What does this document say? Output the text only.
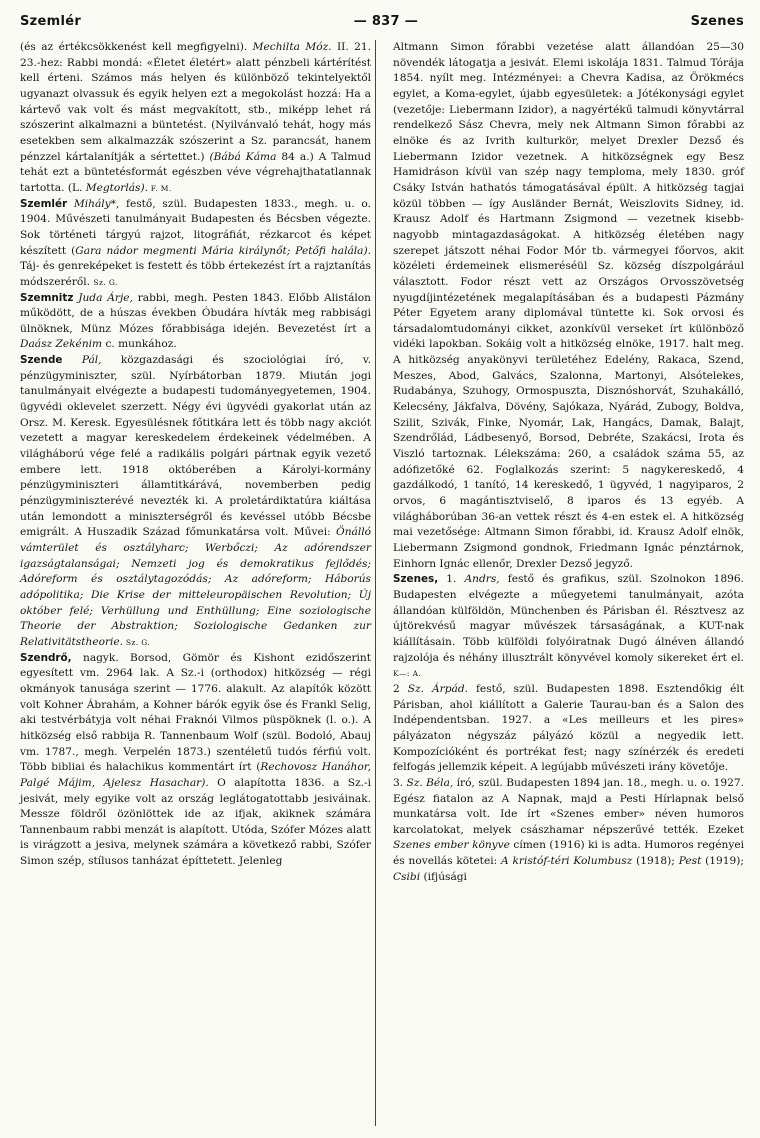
Szemlér	— 837 —	Szenes

(és az értékcsökkenést kell megfigyelni). Mechilta Móz. II. 21. 23.-hez: Rabbi mondá: «Életet életért» alatt pénzbeli kártérítést kell érteni. Számos más helyen és különböző tekintelyektől ugyanazt olvassuk és egyik helyen ezt a megokolást hozzá: Ha a kártevő vak volt és mást megvakított, stb., miképp lehet rá szószerint alkalmazni a büntetést. (Nyilvánvaló tehát, hogy más esetekben sem alkalmazzák szószerint a Sz. parancsát, hanem pénzzel kártalanítják a sértettet.) (Bábá Káma 84 a.) A Talmud tehát ezt a büntetésformát egészben véve végrehajthatatlannak tartotta. (L. Megtorlás). F. M.

Szemlér Mihály*, festő, szül. Budapesten 1833., megh. u. o. 1904. Művészeti tanulmányait Budapesten és Bécsben végezte. Sok történeti tárgyú rajzot, litográfiát, rézkarcot és képet készített (Gara nádor megmenti Mária királynőt; Petőfi halála). Táj- és genreképeket is festett és több értekezést írt a rajztanítás módszeréről. Sz. G.

Szemnitz Juda Árje, rabbi, megh. Pesten 1843. Előbb Alistálon működött, de a húszas években Óbudára hívták meg rabbisági ülnöknek, Münz Mózes főrabbisága idején. Bevezetést írt a Daász Zekénim c. munkához.

Szende Pál, közgazdasági és szociológiai író, v. pénzügyminiszter, szül. Nyírbátorban 1879. Miután jogi tanulmányait elvégezte a budapesti tudományegyetemen, 1904. ügyvédi oklevelet szerzett. Négy évi ügyvédi gyakorlat után az Orsz. M. Keresk. Egyesülésnek főtitkára lett és több nagy akciót vezetett a magyar kereskedelem érdekeinek védelmében. A világháború vége felé a radikális polgári pártnak egyik vezető embere lett. 1918 októberében a Károlyi-kormány pénzügyminiszteri államtitkárává, novemberben pedig pénzügyminiszterévé nevezték ki. A proletárdiktatúra kiáltása után lemondott a miniszterségről és kevéssel utóbb Bécsbe emigrált. A Huszadik Század főmunkatársa volt. Művei: Önálló vámterület és osztályharc; Werbőczi; Az adórendszer igazságtalanságai; Nemzeti jog és demokratikus fejlődés; Adóreform és osztálytagozódás; Az adóreform; Háborús adópolitika; Die Krise der mitteleuropäischen Revolution; Új október felé; Verhüllung und Enthüllung; Eine soziologische Theorie der Abstraktion; Soziologische Gedanken zur Relativitätstheorie. Sz. G.

Szendrő, nagyk. Borsod, Gömör és Kishont ezidőszerint egyesített vm. 2964 lak. A Sz.-i (orthodox) hitközség — régi okmányok tanusága szerint — 1776. alakult. Az alapítók között volt Kohner Ábrahám, a Kohner bárók egyik őse és Frankl Selig, aki testvérbátyja volt néhai Fraknói Vilmos püspöknek (l. o.). A hitközség első rabbija R. Tannenbaum Wolf (szül. Bodoló, Abauj vm. 1787., megh. Verpelén 1873.) szentéletű tudós férfiú volt. Több bibliai és halachikus kommentárt írt (Rechovosz Hanáhor, Palgé Májim, Ajelesz Hasachar). O alapította 1836. a Sz.-i jesivát, mely egyike volt az ország leglátogatottabb jesiváinak. Messze földről özönlöttek ide az ifjak, akiknek számára Tannenbaum rabbi menzát is alapított. Utóda, Szófer Mózes alatt is virágzott a jesiva, melynek számára a következő rabbi, Szófer Simon szép, stílusos tanházat építtetett. Jelenleg

Altmann Simon főrabbi vezetése alatt állandóan 25—30 növendék látogatja a jesivát. Elemi iskolája 1831. Talmud Tórája 1854. nyílt meg. Intézményei: a Chevra Kadisa, az Örökmécs egylet, a Koma-egylet, újabb egyesületek: a Jótékonysági egylet (vezetője: Liebermann Izidor), a nagyértékű talmudi könyvtárral rendelkező Sász Chevra, mely nek Altmann Simon főrabbi az elnöke és az Ivrith kulturkör, melyet Drexler Dezső és Liebermann Izidor vezetnek. A hitközségnek egy Besz Hamidráson kívül van szép nagy temploma, mely 1830. gróf Csáky István hathatós támogatásával épült. A hitközség tagjai közül többen — így Ausländer Bernát, Weiszlovits Sidney, id. Krausz Adolf és Hartmann Zsigmond — vezetnek kisebb-nagyobb mintagazdaságokat. A hitközség életében nagy szerepet játszott néhai Fodor Mór tb. vármegyei főorvos, akit közéleti érdemeinek elismeréséül Sz. község díszpolgárául választott. Fodor részt vett az Országos Orvosszövetség nyugdíjintézetének megalapításában és a budapesti Pázmány Péter Egyetem arany diplomával tüntette ki. Sok orvosi és társadalomtudományi cikket, azonkívül verseket írt különböző vidéki lapokban. Sokáig volt a hitközség elnöke, 1917. halt meg. A hitközség anyakönyvi területéhez Edelény, Rakaca, Szend, Meszes, Abod, Galvács, Szalonna, Martonyi, Alsótelekes, Rudabánya, Szuhogy, Ormospuszta, Disznóshorvát, Szuhakálló, Kelecsény, Jákfalva, Dövény, Sajókaza, Nyárád, Zubogy, Boldva, Szilit, Szivák, Finke, Nyomár, Lak, Hangács, Damak, Balajt, Szendrőlád, Ládbesenyő, Borsod, Debréte, Szakácsi, Irota és Viszló tartoznak. Lélekszáma: 260, a családok száma 55, az adófizetőké 62. Foglalkozás szerint: 5 nagykereskedő, 4 gazdálkodó, 1 tanító, 14 kereskedő, 1 ügyvéd, 1 nagyiparos, 2 orvos, 6 magántisztviselő, 8 iparos és 13 egyéb. A világháborúban 36-an vettek részt és 4-en estek el. A hitközség mai vezetősége: Altmann Simon főrabbi, id. Krausz Adolf elnök, Liebermann Zsigmond gondnok, Friedmann Ignác pénztárnok, Einhorn Ignác ellenőr, Drexler Dezső jegyző.

Szenes, 1. Andrs, festő és grafikus, szül. Szolnokon 1896. Budapesten elvégezte a műegyetemi tanulmányait, azóta állandóan külföldön, Münchenben és Párisban él. Résztvesz az újtörekvésű magyar művészek társaságának, a KUT-nak kiállításain. Több külföldi folyóiratnak Dugó álnéven állandó rajzolója és néhány illusztrált könyvével komoly sikereket ért el. K—: A.

2 Sz. Árpád. festő, szül. Budapesten 1898. Esztendőkig élt Párisban, ahol kiállított a Galerie Taurau-ban és a Salon des Indépendentsban. 1927. a «Les meilleurs et les pires» pályázaton négyszáz pályázó közül a negyedik lett. Kompozícióként és portrékat fest; nagy színérzék és eredeti felfogás jellemzik képeit. A legújabb művészeti irány követője.

3. Sz. Béla, író, szül. Budapesten 1894 jan. 18., megh. u. o. 1927. Egész fiatalon az A Napnak, majd a Pesti Hírlapnak belső munkatársa volt. Ide írt «Szenes ember» néven humoros karcolatokat, melyek császhamar népszerűvé tették. Ezeket Szenes ember könyve címen (1916) ki is adta. Humoros regényei és novellás kötetei: A kristóf-téri Kolumbusz (1918); Pest (1919); Csibi (ifjúsági
